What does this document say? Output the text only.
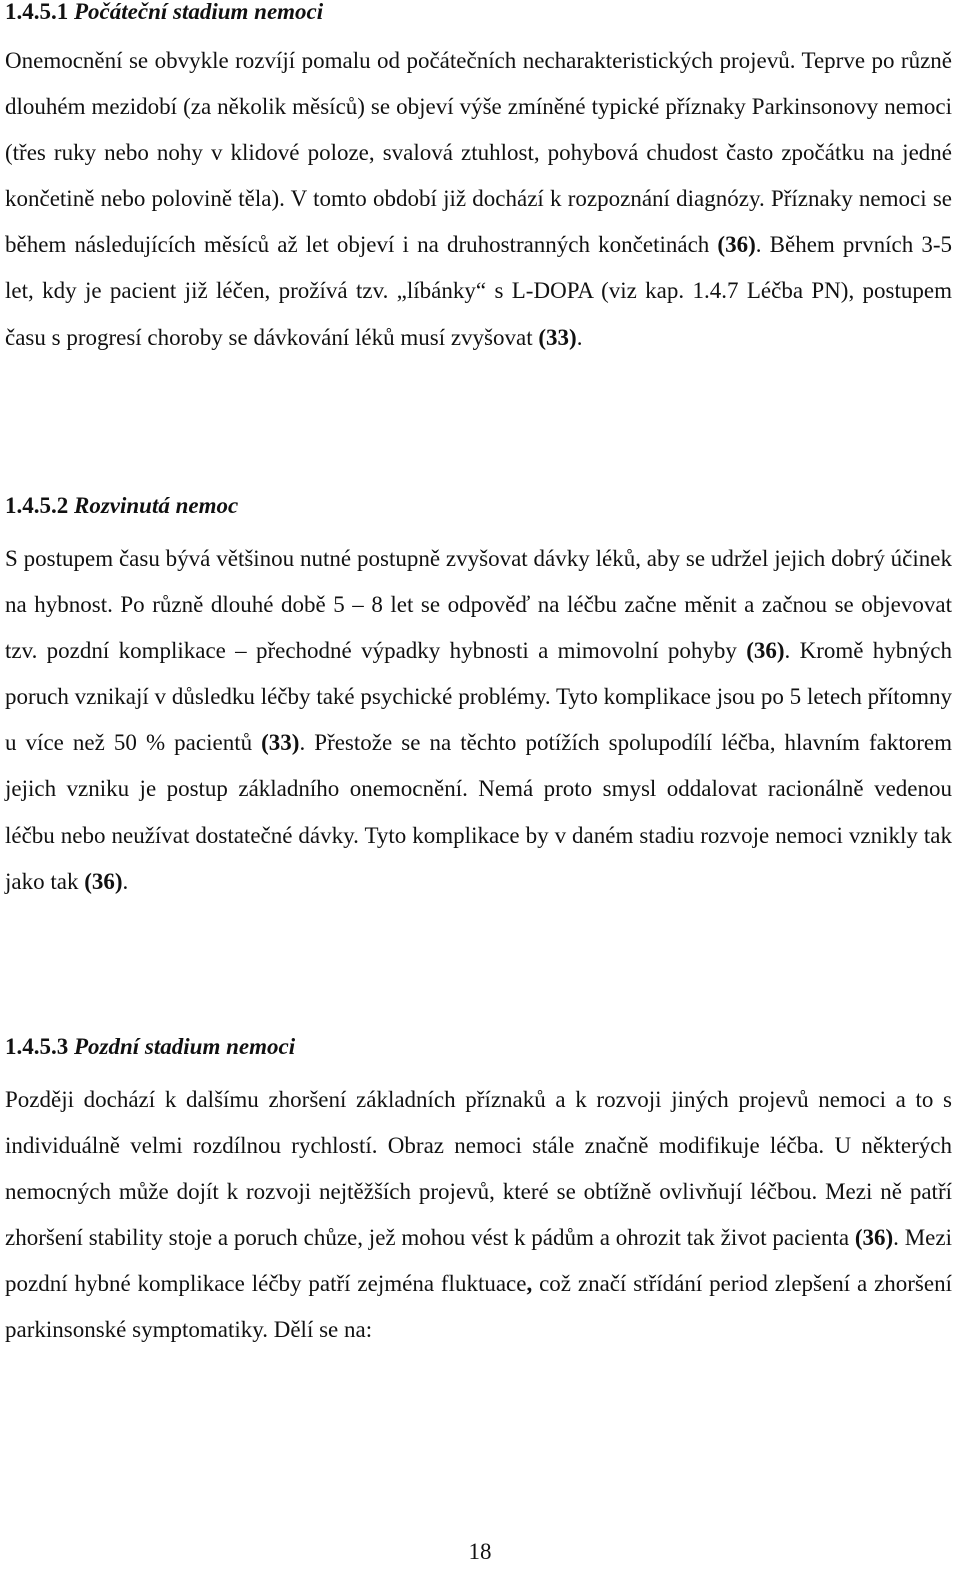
1.4.5.1 Počáteční stadium nemoci

Onemocnění se obvykle rozvíjí pomalu od počátečních necharakteristických projevů. Teprve po různě dlouhém mezidobí (za několik měsíců) se objeví výše zmíněné typické příznaky Parkinsonovy nemoci (třes ruky nebo nohy v klidové poloze, svalová ztuhlost, pohybová chudost často zpočátku na jedné končetině nebo polovině těla). V tomto období již dochází k rozpoznání diagnózy. Příznaky nemoci se během následujících měsíců až let objeví i na druhostranných končetinách (36). Během prvních 3-5 let, kdy je pacient již léčen, prožívá tzv. „líbánky“ s L-DOPA (viz kap. 1.4.7 Léčba PN), postupem času s progresí choroby se dávkování léků musí zvyšovat (33).

1.4.5.2 Rozvinutá nemoc

S postupem času bývá většinou nutné postupně zvyšovat dávky léků, aby se udržel jejich dobrý účinek na hybnost. Po různě dlouhé době 5 – 8 let se odpověď na léčbu začne měnit a začnou se objevovat tzv. pozdní komplikace – přechodné výpadky hybnosti a mimovolní pohyby (36). Kromě hybných poruch vznikají v důsledku léčby také psychické problémy. Tyto komplikace jsou po 5 letech přítomny u více než 50 % pacientů (33). Přestože se na těchto potížích spolupodílí léčba, hlavním faktorem jejich vzniku je postup základního onemocnění. Nemá proto smysl oddalovat racionálně vedenou léčbu nebo neužívat dostatečné dávky. Tyto komplikace by v daném stadiu rozvoje nemoci vznikly tak jako tak (36).

1.4.5.3 Pozdní stadium nemoci

Později dochází k dalšímu zhoršení základních příznaků a k rozvoji jiných projevů nemoci a to s individuálně velmi rozdílnou rychlostí. Obraz nemoci stále značně modifikuje léčba. U některých nemocných může dojít k rozvoji nejtěžších projevů, které se obtížně ovlivňují léčbou. Mezi ně patří zhoršení stability stoje a poruch chůze, jež mohou vést k pádům a ohrozit tak život pacienta (36). Mezi pozdní hybné komplikace léčby patří zejména fluktuace, což značí střídání period zlepšení a zhoršení parkinsonské symptomatiky. Dělí se na:

18
